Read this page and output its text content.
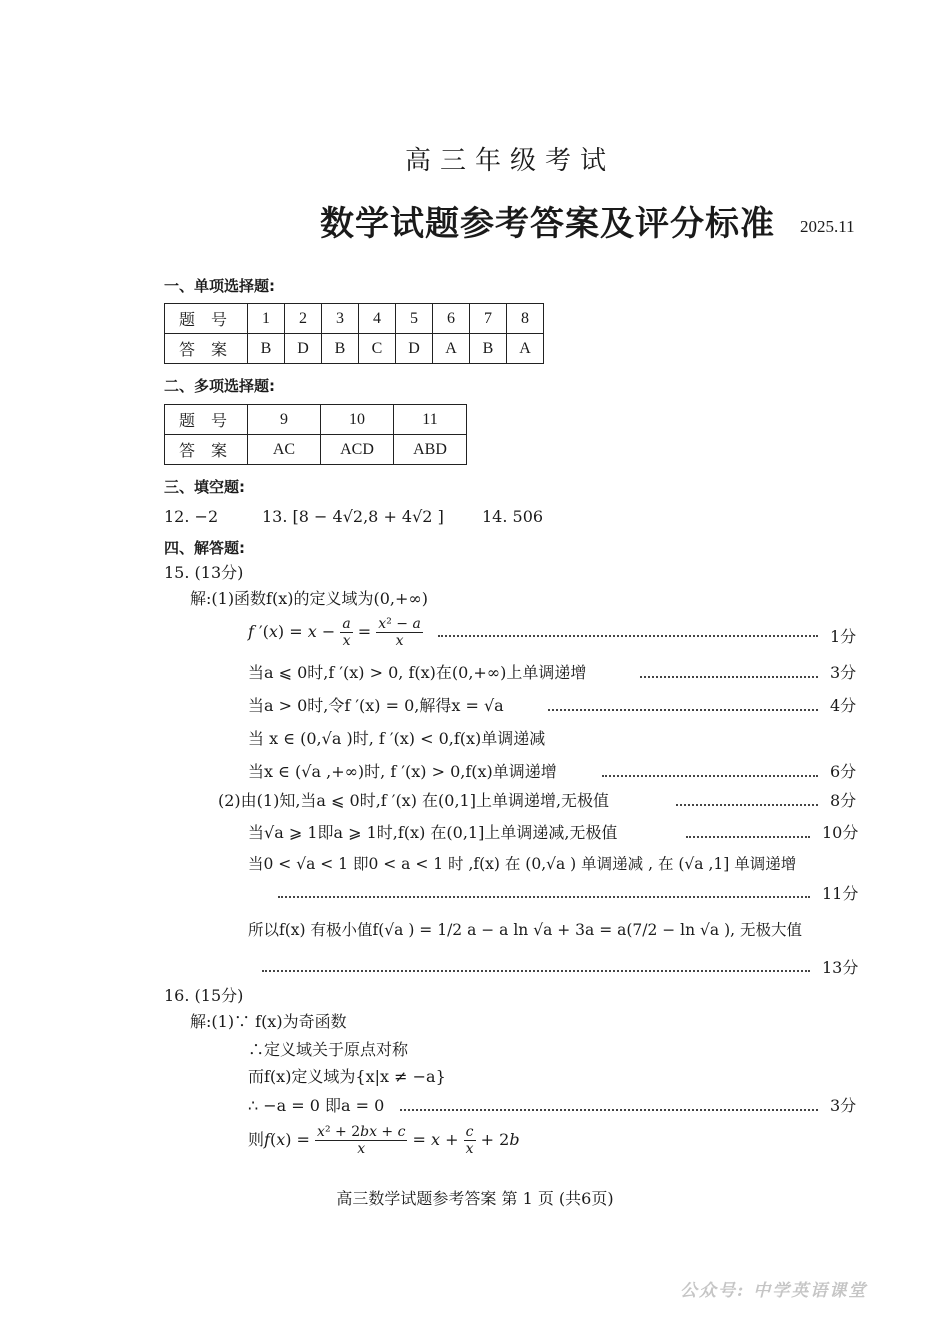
高三年级考试
数学试题参考答案及评分标准 2025.11
一、单项选择题:
题号	1	2	3	4	5	6	7	8
答案	B	D	B	C	D	A	B	A
二、多项选择题:
题号	9	10	11
答案	AC	ACD	ABD
三、填空题:
12. −2	13. [8 − 4√2,8 + 4√2 ] 14. 506
四、解答题:
15. (13分)
解:(1)函数f(x)的定义域为(0,+∞)
f $'(x) = x - \frac{a}{x} = \frac{\text{x² − a}}{x}$	1分
当a ⩽ 0时,f ′(x) > 0, f(x)在(0,+∞)上单调递增	3分
当a > 0时,令f ′(x) = 0,解得x = √a	4分
当 x ∈ (0,√a )时, f ′(x) < 0,f(x)单调递减
当x ∈ (√a ,+∞)时, f ′(x) > 0,f(x)单调递增	6分
(2)由(1)知,当a ⩽ 0时,f ′(x) 在(0,1]上单调递增,无极值	8分
当√a ⩾ 1即a ⩾ 1时,f(x) 在(0,1]上单调递减,无极值	10分
当0 < √a < 1 即0 < a < 1 时 ,f(x) 在 (0,√a ) 单调递减 , 在 (√a ,1] 单调递增
11分
所以f(x) 有极小值f(√a ) = 1/2 a − a ln √a + 3a = a(7/2 − ln √a ), 无极大值
13分
16. (15分)
解:(1)∵ f(x)为奇函数
∴定义域关于原点对称
而f(x)定义域为{x|x ≠ −a}
∴ −a = 0 即a = 0	3分
则$f(x) = \frac{\text{x² + 2bx + c}}{x} = x + \frac{c}{x} + 2b$
高三数学试题参考答案 第 1 页 (共6页)
公众号: 中学英语课堂
